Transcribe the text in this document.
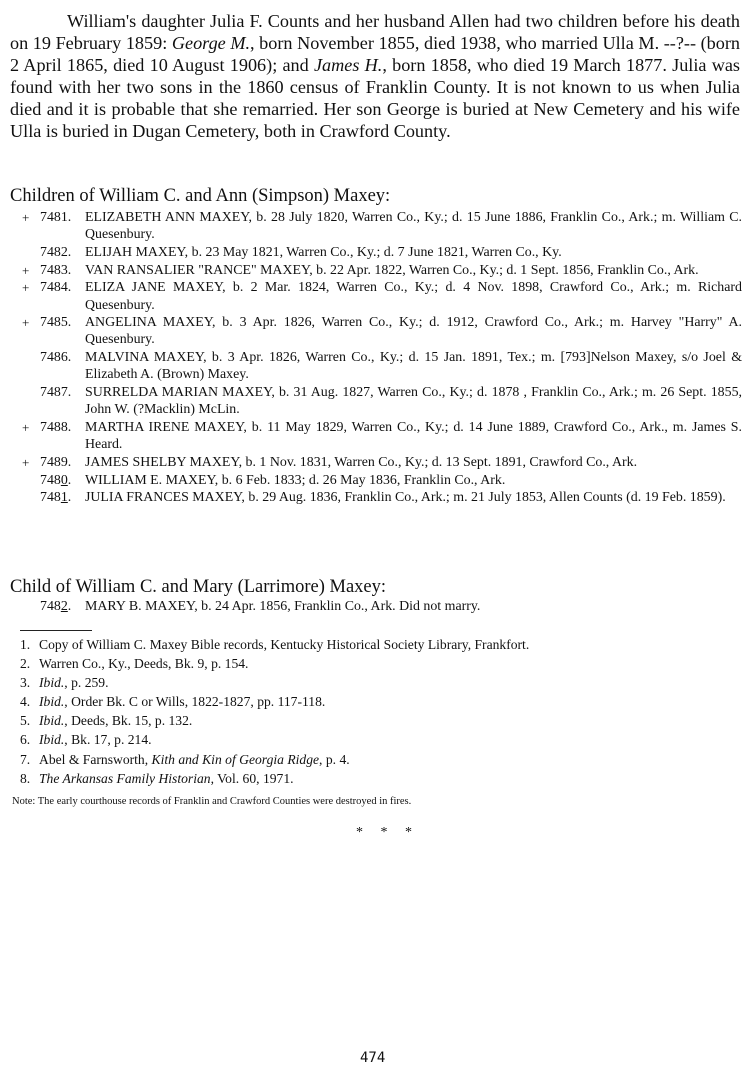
William's daughter Julia F. Counts and her husband Allen had two children before his death on 19 February 1859: George M., born November 1855, died 1938, who married Ulla M. --?-- (born 2 April 1865, died 10 August 1906); and James H., born 1858, who died 19 March 1877. Julia was found with her two sons in the 1860 census of Franklin County. It is not known to us when Julia died and it is probable that she remarried. Her son George is buried at New Cemetery and his wife Ulla is buried in Dugan Cemetery, both in Crawford County.

Children of William C. and Ann (Simpson) Maxey:

+ 7481. ELIZABETH ANN MAXEY, b. 28 July 1820, Warren Co., Ky.; d. 15 June 1886, Franklin Co., Ark.; m. William C. Quesenbury.
7482. ELIJAH MAXEY, b. 23 May 1821, Warren Co., Ky.; d. 7 June 1821, Warren Co., Ky.
+ 7483. VAN RANSALIER "RANCE" MAXEY, b. 22 Apr. 1822, Warren Co., Ky.; d. 1 Sept. 1856, Franklin Co., Ark.
+ 7484. ELIZA JANE MAXEY, b. 2 Mar. 1824, Warren Co., Ky.; d. 4 Nov. 1898, Crawford Co., Ark.; m. Richard Quesenbury.
+ 7485. ANGELINA MAXEY, b. 3 Apr. 1826, Warren Co., Ky.; d. 1912, Crawford Co., Ark.; m. Harvey "Harry" A. Quesenbury.
7486. MALVINA MAXEY, b. 3 Apr. 1826, Warren Co., Ky.; d. 15 Jan. 1891, Tex.; m. [793]Nelson Maxey, s/o Joel & Elizabeth A. (Brown) Maxey.
7487. SURRELDA MARIAN MAXEY, b. 31 Aug. 1827, Warren Co., Ky.; d. 1878 , Franklin Co., Ark.; m. 26 Sept. 1855, John W. (?Macklin) McLin.
+ 7488. MARTHA IRENE MAXEY, b. 11 May 1829, Warren Co., Ky.; d. 14 June 1889, Crawford Co., Ark., m. James S. Heard.
+ 7489. JAMES SHELBY MAXEY, b. 1 Nov. 1831, Warren Co., Ky.; d. 13 Sept. 1891, Crawford Co., Ark.
7480. WILLIAM E. MAXEY, b. 6 Feb. 1833; d. 26 May 1836, Franklin Co., Ark.
7481. JULIA FRANCES MAXEY, b. 29 Aug. 1836, Franklin Co., Ark.; m. 21 July 1853, Allen Counts (d. 19 Feb. 1859).

Child of William C. and Mary (Larrimore) Maxey:

7482. MARY B. MAXEY, b. 24 Apr. 1856, Franklin Co., Ark. Did not marry.

1. Copy of William C. Maxey Bible records, Kentucky Historical Society Library, Frankfort.

2. Warren Co., Ky., Deeds, Bk. 9, p. 154.

3. Ibid., p. 259.

4. Ibid., Order Bk. C or Wills, 1822-1827, pp. 117-118.

5. Ibid., Deeds, Bk. 15, p. 132.

6. Ibid., Bk. 17, p. 214.

7. Abel & Farnsworth, Kith and Kin of Georgia Ridge, p. 4.

8. The Arkansas Family Historian, Vol. 60, 1971.

Note: The early courthouse records of Franklin and Crawford Counties were destroyed in fires.

* * *

474
